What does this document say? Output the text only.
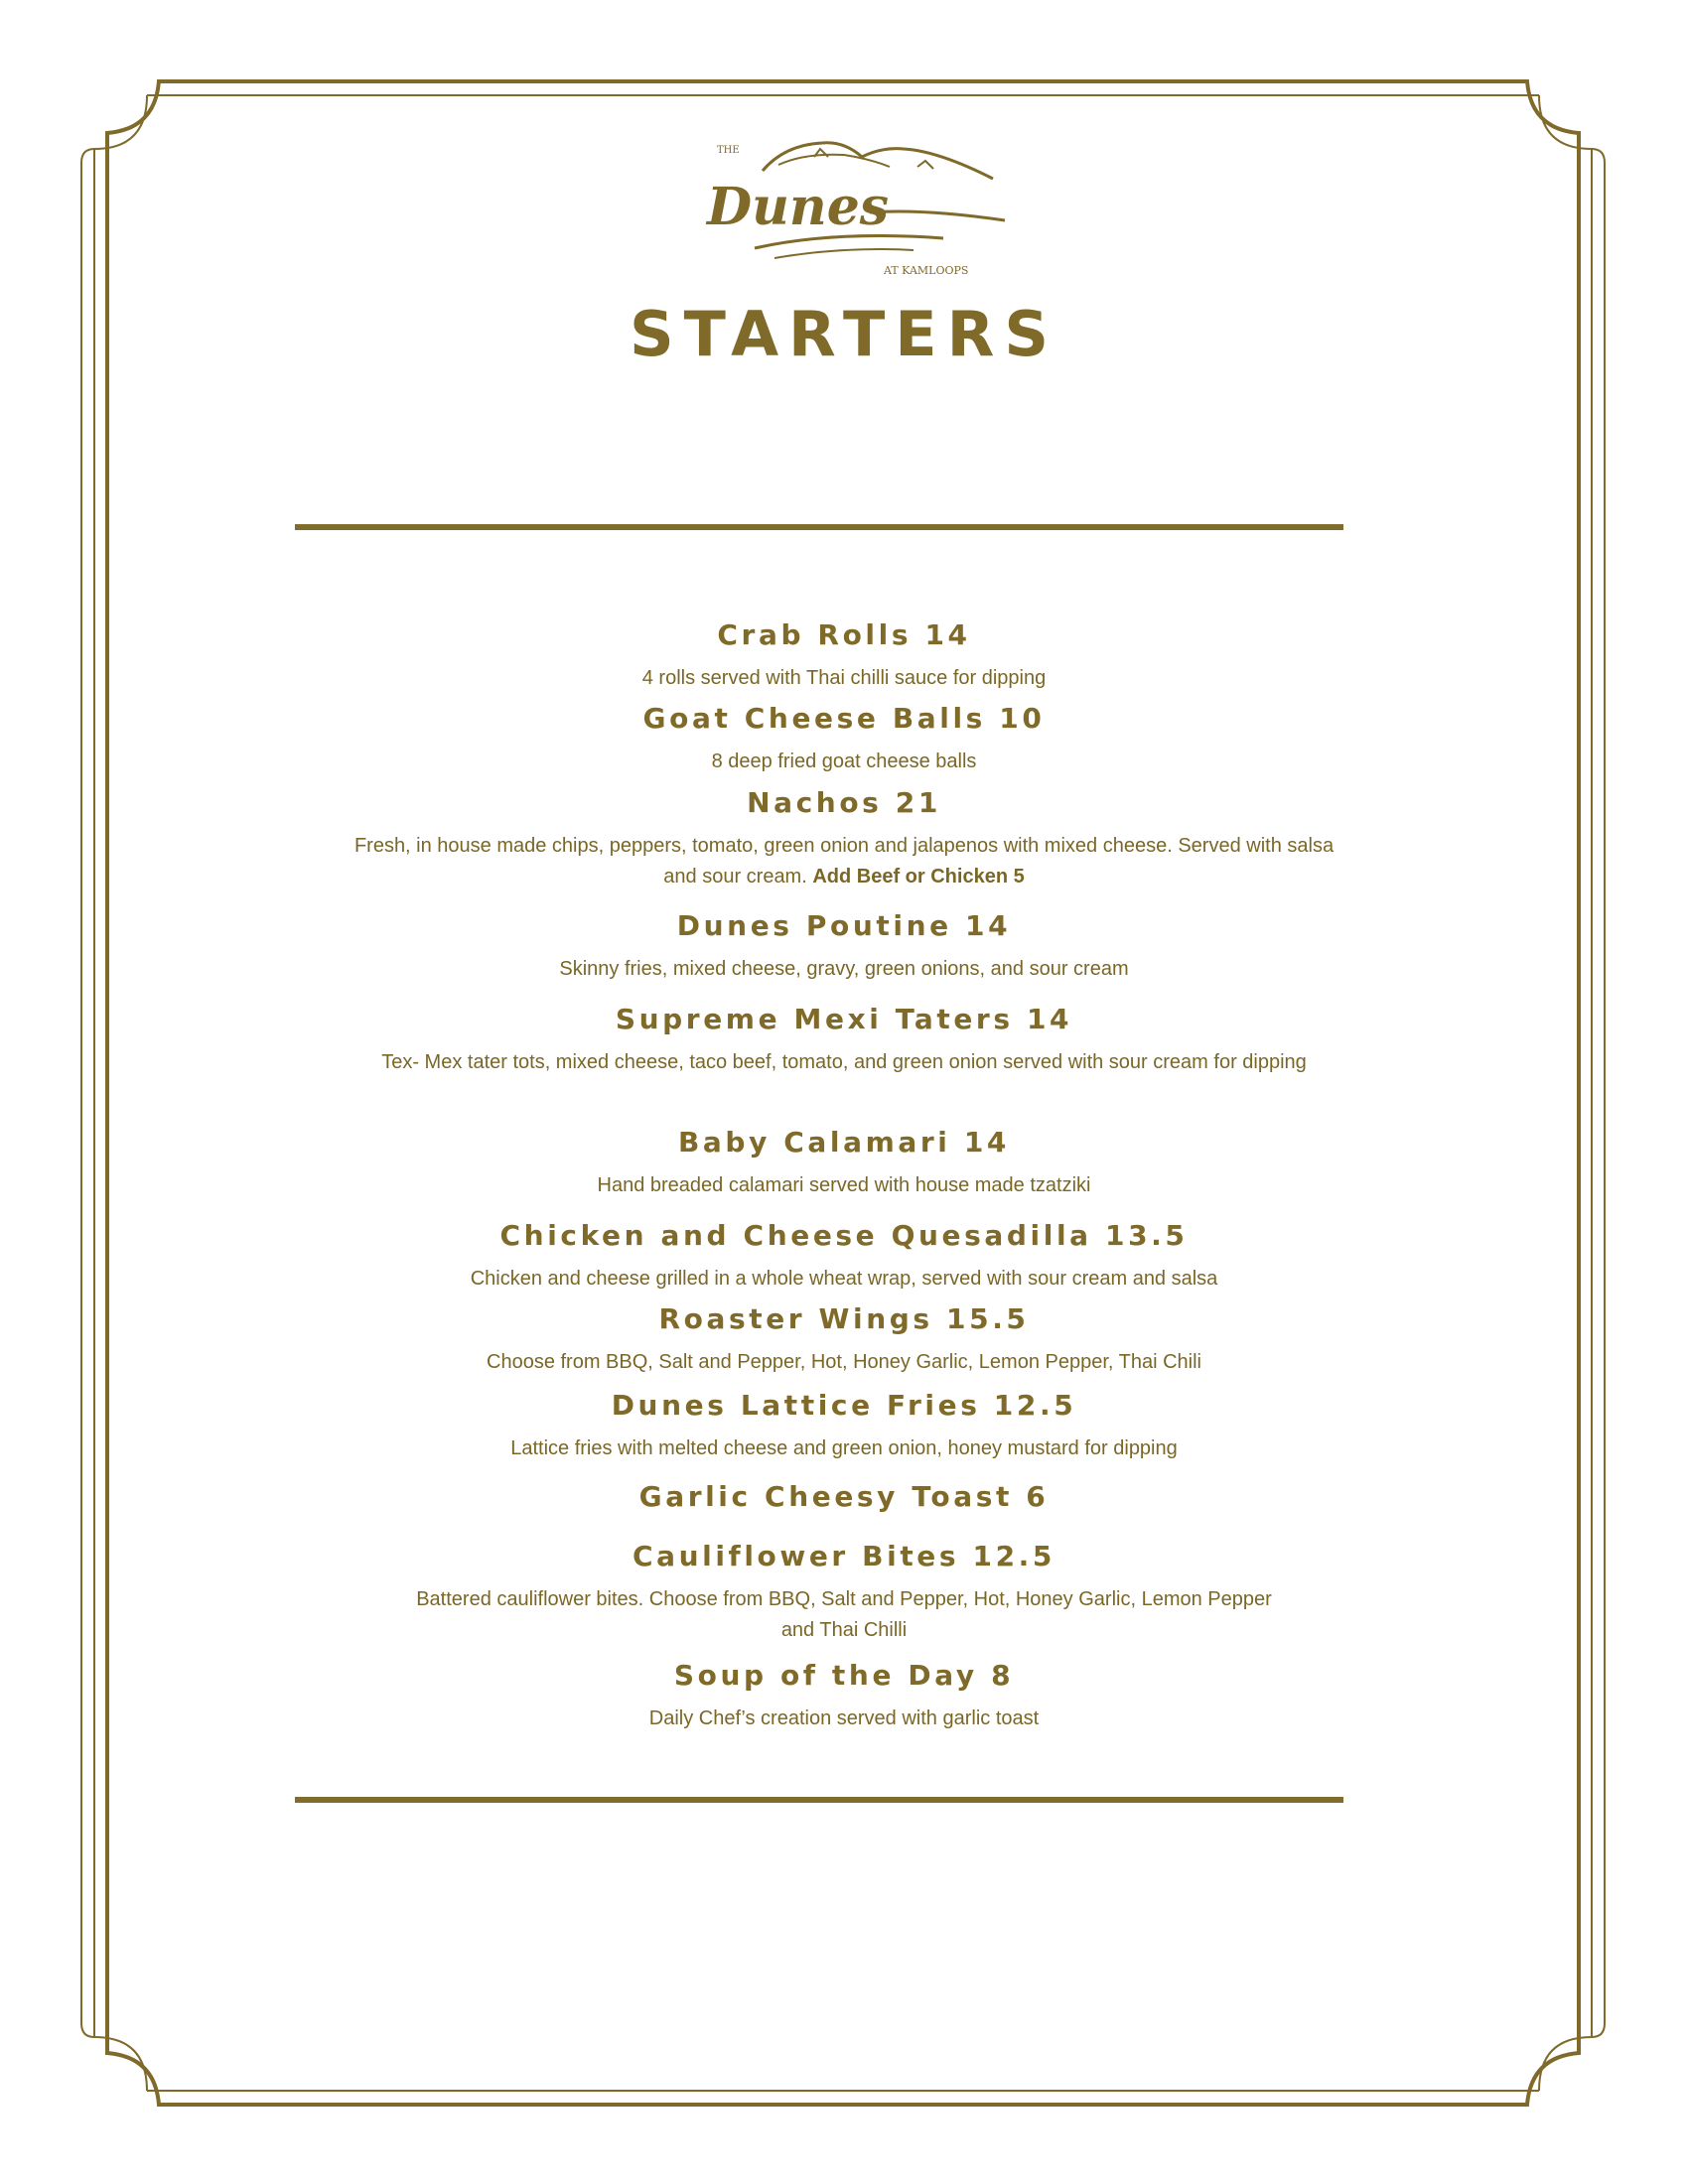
THE
Dunes
AT KAMLOOPS
STARTERS
Crab Rolls 14
4 rolls served with Thai chilli sauce for dipping
Goat Cheese Balls 10
8 deep fried goat cheese balls
Nachos 21
Fresh, in house made chips, peppers, tomato, green onion and jalapenos with mixed cheese. Served with salsa and sour cream. Add Beef or Chicken 5
Dunes Poutine 14
Skinny fries, mixed cheese, gravy, green onions, and sour cream
Supreme Mexi Taters 14
Tex- Mex tater tots, mixed cheese, taco beef, tomato, and green onion served with sour cream for dipping
Baby Calamari 14
Hand breaded calamari served with house made tzatziki
Chicken and Cheese Quesadilla 13.5
Chicken and cheese grilled in a whole wheat wrap, served with sour cream and salsa
Roaster Wings 15.5
Choose from BBQ, Salt and Pepper, Hot, Honey Garlic, Lemon Pepper, Thai Chili
Dunes Lattice Fries 12.5
Lattice fries with melted cheese and green onion, honey mustard for dipping
Garlic Cheesy Toast 6
Cauliflower Bites 12.5
Battered cauliflower bites. Choose from BBQ, Salt and Pepper, Hot, Honey Garlic, Lemon Pepper and Thai Chilli
Soup of the Day 8
Daily Chef’s creation served with garlic toast
